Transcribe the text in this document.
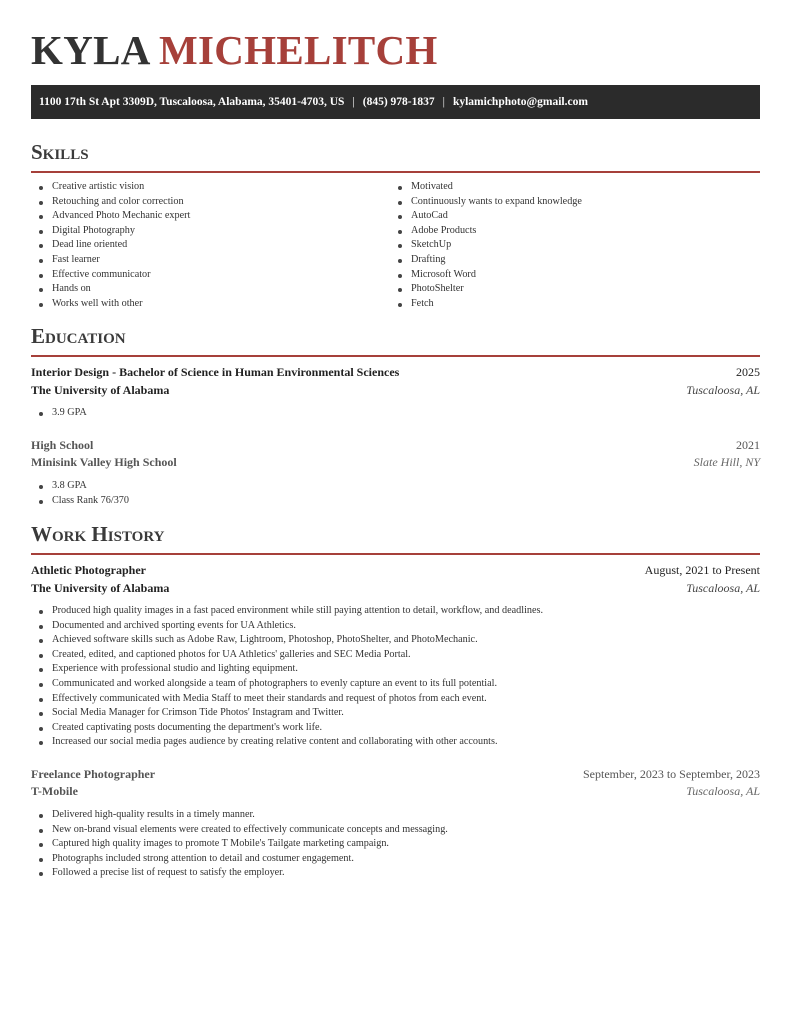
KYLA MICHELITCH
1100 17th St Apt 3309D, Tuscaloosa, Alabama, 35401-4703, US | (845) 978-1837 | kylamichphoto@gmail.com
Skills
Creative artistic vision
Retouching and color correction
Advanced Photo Mechanic expert
Digital Photography
Dead line oriented
Fast learner
Effective communicator
Hands on
Works well with other
Motivated
Continuously wants to expand knowledge
AutoCad
Adobe Products
SketchUp
Drafting
Microsoft Word
PhotoShelter
Fetch
Education
Interior Design - Bachelor of Science in Human Environmental Sciences	2025
The University of Alabama	Tuscaloosa, AL
3.9 GPA
High School	2021
Minisink Valley High School	Slate Hill, NY
3.8 GPA
Class Rank 76/370
Work History
Athletic Photographer	August, 2021 to Present
The University of Alabama	Tuscaloosa, AL
Produced high quality images in a fast paced environment while still paying attention to detail, workflow, and deadlines.
Documented and archived sporting events for UA Athletics.
Achieved software skills such as Adobe Raw, Lightroom, Photoshop, PhotoShelter, and PhotoMechanic.
Created, edited, and captioned photos for UA Athletics' galleries and SEC Media Portal.
Experience with professional studio and lighting equipment.
Communicated and worked alongside a team of photographers to evenly capture an event to its full potential.
Effectively communicated with Media Staff to meet their standards and request of photos from each event.
Social Media Manager for Crimson Tide Photos' Instagram and Twitter.
Created captivating posts documenting the department's work life.
Increased our social media pages audience by creating relative content and collaborating with other accounts.
Freelance Photographer	September, 2023 to September, 2023
T-Mobile	Tuscaloosa, AL
Delivered high-quality results in a timely manner.
New on-brand visual elements were created to effectively communicate concepts and messaging.
Captured high quality images to promote T Mobile's Tailgate marketing campaign.
Photographs included strong attention to detail and costumer engagement.
Followed a precise list of request to satisfy the employer.
